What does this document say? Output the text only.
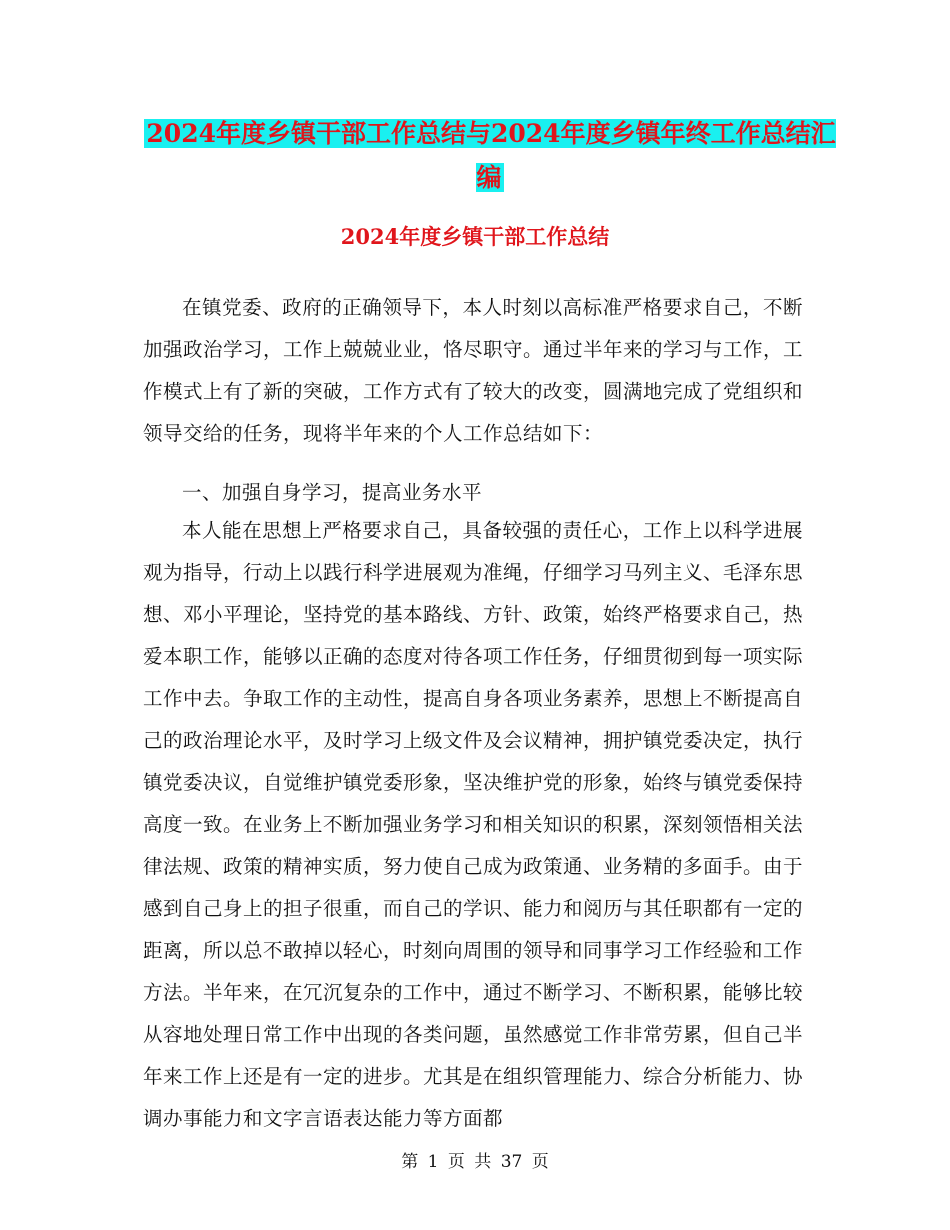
2024年度乡镇干部工作总结与2024年度乡镇年终工作总结汇编
2024年度乡镇干部工作总结

在镇党委、政府的正确领导下，本人时刻以高标准严格要求自己，不断加强政治学习，工作上兢兢业业，恪尽职守。通过半年来的学习与工作，工作模式上有了新的突破，工作方式有了较大的改变，圆满地完成了党组织和领导交给的任务，现将半年来的个人工作总结如下：

一、加强自身学习，提高业务水平

本人能在思想上严格要求自己，具备较强的责任心，工作上以科学进展观为指导，行动上以践行科学进展观为准绳，仔细学习马列主义、毛泽东思想、邓小平理论，坚持党的基本路线、方针、政策，始终严格要求自己，热爱本职工作，能够以正确的态度对待各项工作任务，仔细贯彻到每一项实际工作中去。争取工作的主动性，提高自身各项业务素养，思想上不断提高自己的政治理论水平，及时学习上级文件及会议精神，拥护镇党委决定，执行镇党委决议，自觉维护镇党委形象，坚决维护党的形象，始终与镇党委保持高度一致。在业务上不断加强业务学习和相关知识的积累，深刻领悟相关法律法规、政策的精神实质，努力使自己成为政策通、业务精的多面手。由于感到自己身上的担子很重，而自己的学识、能力和阅历与其任职都有一定的距离，所以总不敢掉以轻心，时刻向周围的领导和同事学习工作经验和工作方法。半年来，在冗沉复杂的工作中，通过不断学习、不断积累，能够比较从容地处理日常工作中出现的各类问题，虽然感觉工作非常劳累，但自己半年来工作上还是有一定的进步。尤其是在组织管理能力、综合分析能力、协调办事能力和文字言语表达能力等方面都

第 1 页 共 37 页
